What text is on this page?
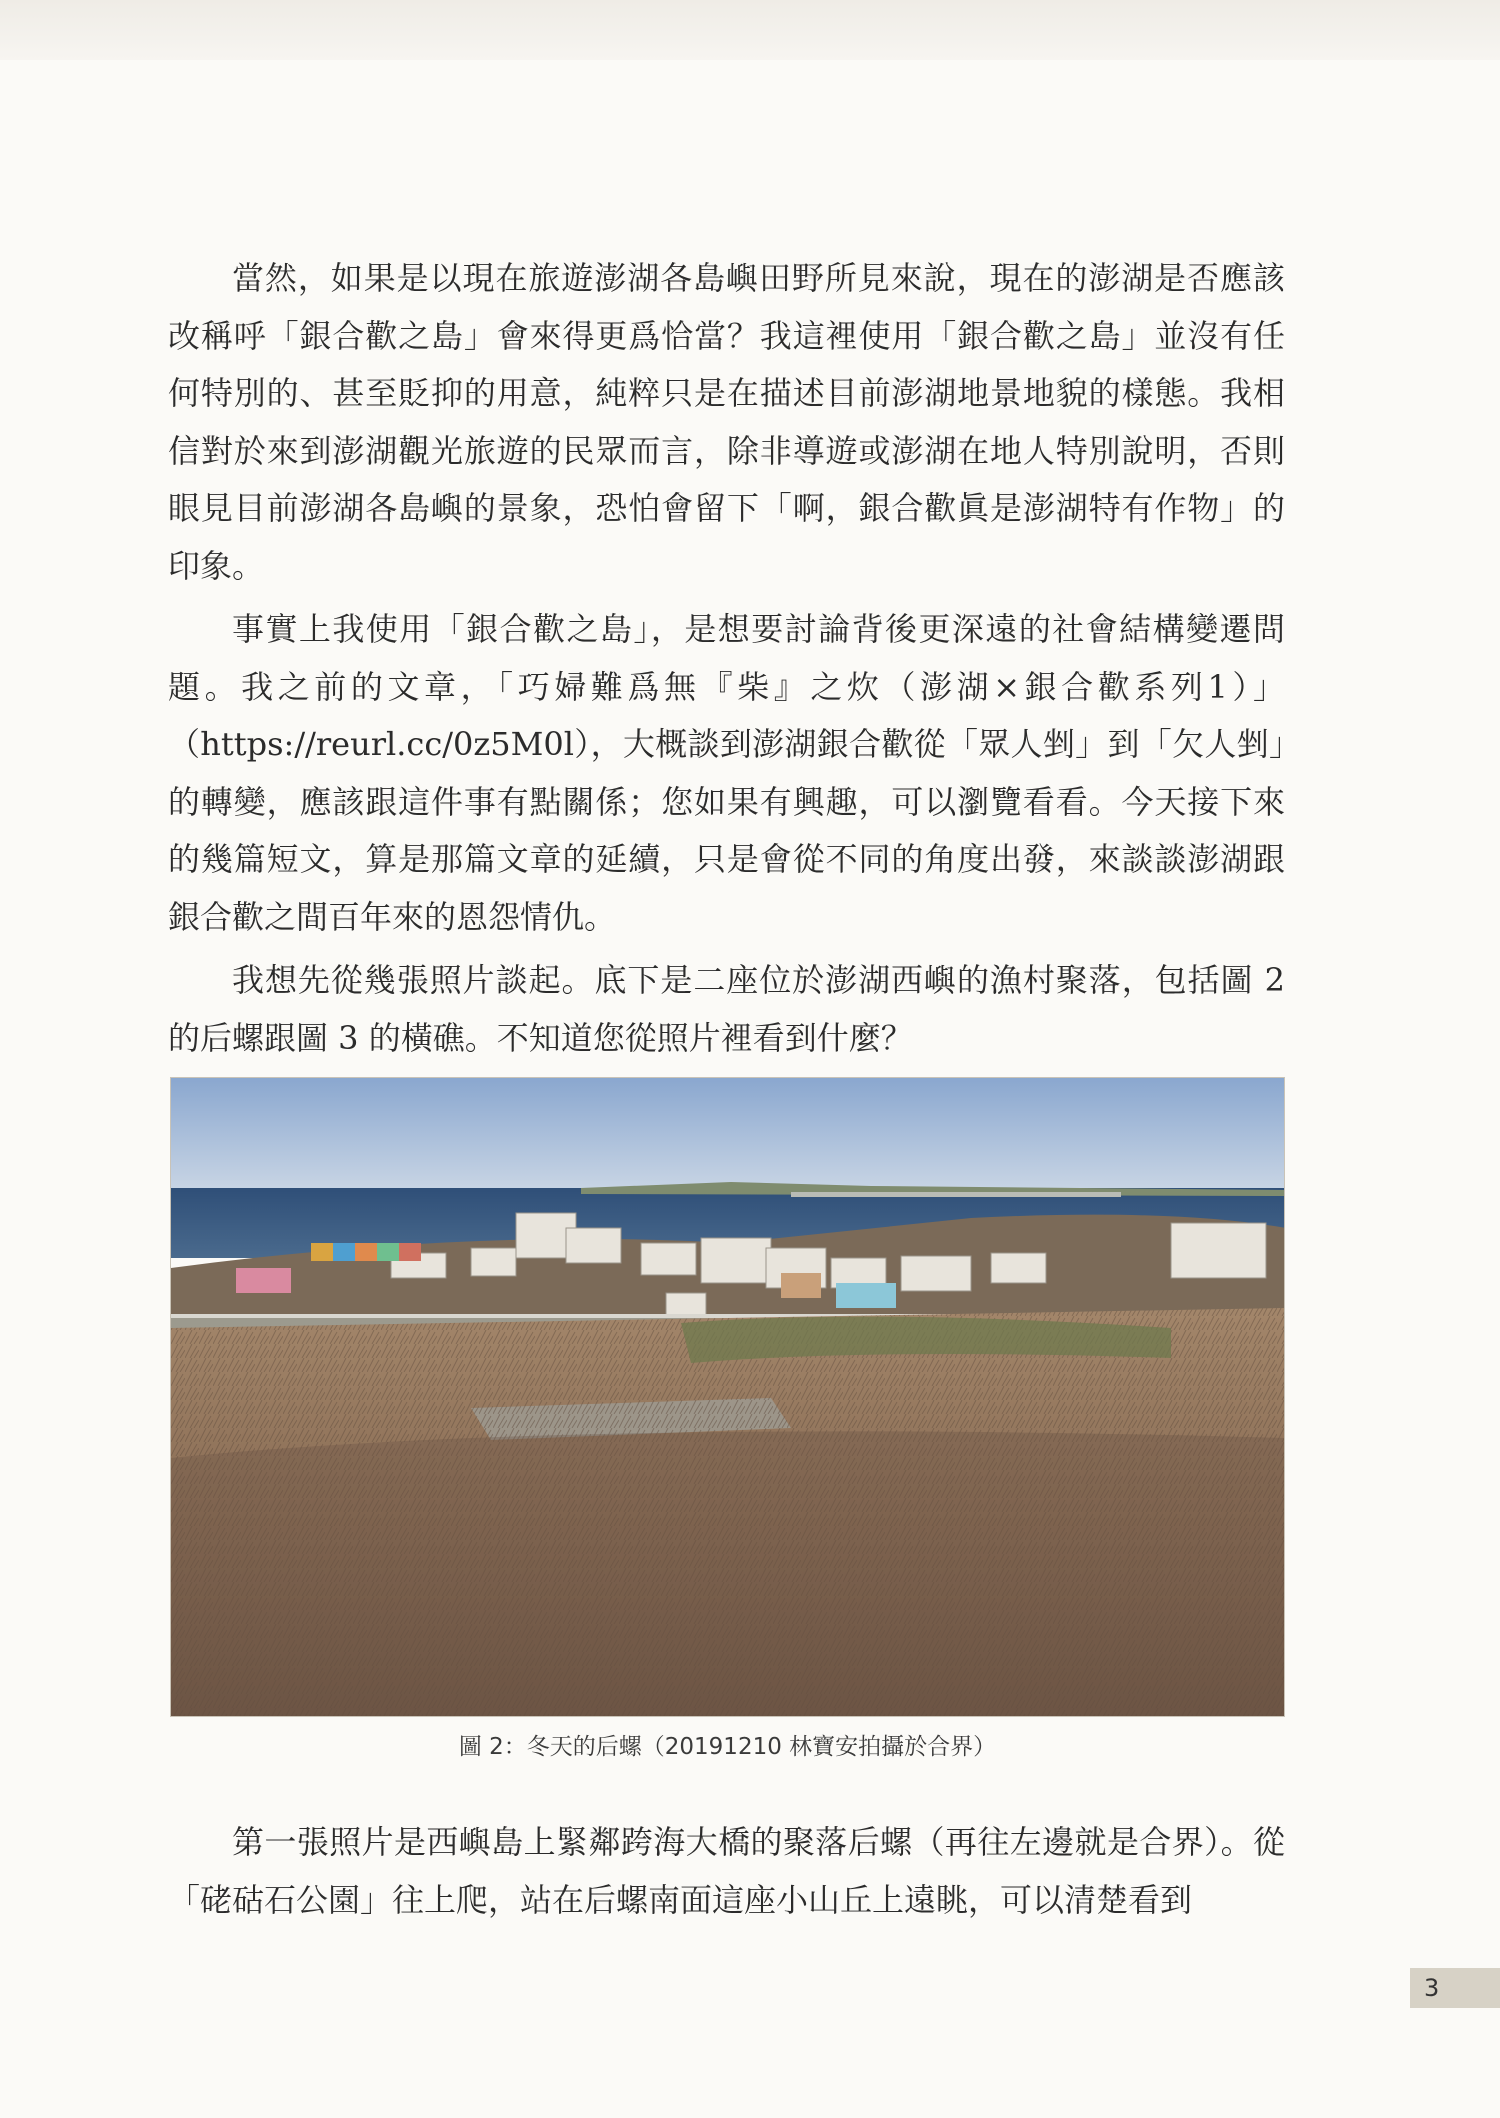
當然，如果是以現在旅遊澎湖各島嶼田野所見來說，現在的澎湖是否應該改稱呼「銀合歡之島」會來得更爲恰當？我這裡使用「銀合歡之島」並沒有任何特別的、甚至貶抑的用意，純粹只是在描述目前澎湖地景地貌的樣態。我相信對於來到澎湖觀光旅遊的民眾而言，除非導遊或澎湖在地人特別說明，否則眼見目前澎湖各島嶼的景象，恐怕會留下「啊，銀合歡眞是澎湖特有作物」的印象。

事實上我使用「銀合歡之島」，是想要討論背後更深遠的社會結構變遷問題。我之前的文章，「巧婦難爲無『柴』之炊（澎湖×銀合歡系列1）」（https://reurl.cc/0z5M0l），大概談到澎湖銀合歡從「眾人剉」到「欠人剉」的轉變，應該跟這件事有點關係；您如果有興趣，可以瀏覽看看。今天接下來的幾篇短文，算是那篇文章的延續，只是會從不同的角度出發，來談談澎湖跟銀合歡之間百年來的恩怨情仇。

我想先從幾張照片談起。底下是二座位於澎湖西嶼的漁村聚落，包括圖 2 的后螺跟圖 3 的橫礁。不知道您從照片裡看到什麼？

圖 2：冬天的后螺（20191210 林寶安拍攝於合界）

第一張照片是西嶼島上緊鄰跨海大橋的聚落后螺（再往左邊就是合界）。從「硓𥑮石公園」往上爬，站在后螺南面這座小山丘上遠眺，可以清楚看到

3
